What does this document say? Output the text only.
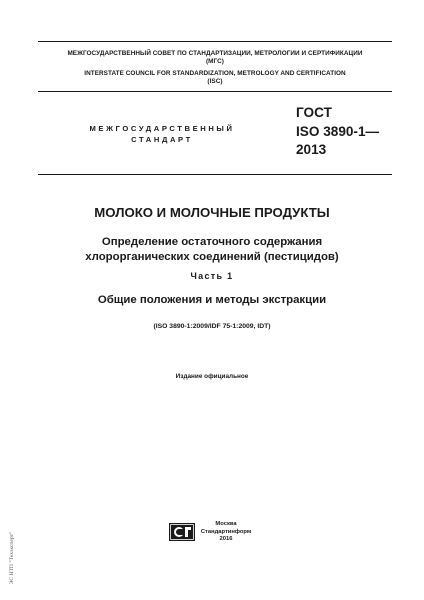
МЕЖГОСУДАРСТВЕННЫЙ СОВЕТ ПО СТАНДАРТИЗАЦИИ, МЕТРОЛОГИИ И СЕРТИФИКАЦИИ
(МГС)
INTERSTATE COUNCIL FOR STANDARDIZATION, METROLOGY AND CERTIFICATION
(ISC)
МЕЖГОСУДАРСТВЕННЫЙ
СТАНДАРТ
ГОСТ
ISO 3890-1—
2013
МОЛОКО И МОЛОЧНЫЕ ПРОДУКТЫ
Определение остаточного содержания
хлорорганических соединений (пестицидов)
Часть 1
Общие положения и методы экстракции
(ISO 3890-1:2009/IDF 75-1:2009, IDT)
Издание официальное
Москва
Стандартинформ
2016
ЭС НТП "Техэксперт"
